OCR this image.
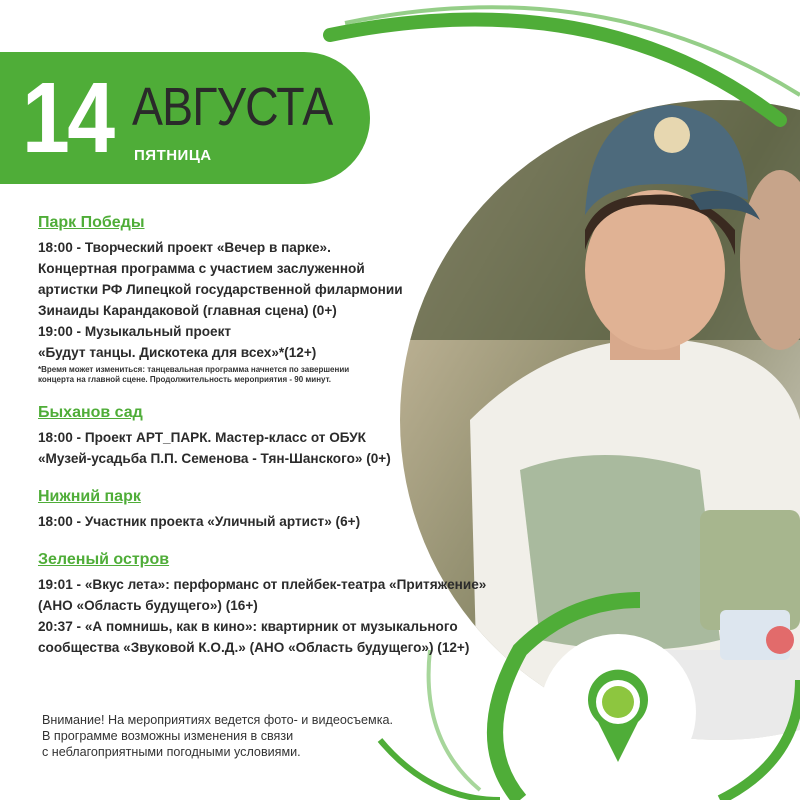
14 АВГУСТА
ПЯТНИЦА
Парк Победы
18:00 - Творческий проект «Вечер в парке».
Концертная программа с участием заслуженной
артистки РФ Липецкой государственной филармонии
Зинаиды Карандаковой (главная сцена) (0+)
19:00 - Музыкальный проект
«Будут танцы. Дискотека для всех»*(12+)
*Время может измениться: танцевальная программа начнется по завершении
концерта на главной сцене. Продолжительность мероприятия - 90 минут.
Быханов сад
18:00 - Проект АРТ_ПАРК. Мастер-класс от ОБУК
«Музей-усадьба П.П. Семенова - Тян-Шанского» (0+)
Нижний парк
18:00 - Участник проекта «Уличный артист» (6+)
Зеленый остров
19:01 - «Вкус лета»: перформанс от плейбек-театра «Притяжение»
(АНО «Область будущего») (16+)
20:37 - «А помнишь, как в кино»: квартирник от музыкального
сообщества «Звуковой К.О.Д.» (АНО «Область будущего») (12+)
Внимание! На мероприятиях ведется фото- и видеосъемка.
В программе возможны изменения в связи
с неблагоприятными погодными условиями.
